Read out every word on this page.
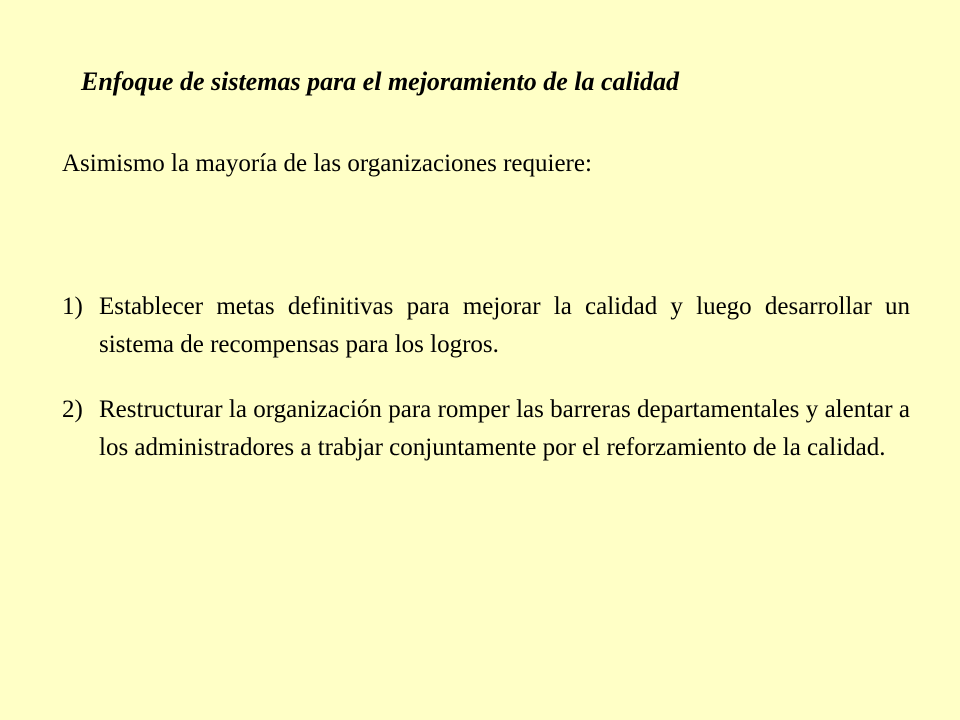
Enfoque de sistemas para el mejoramiento de la calidad

Asimismo la mayoría de las organizaciones requiere:

1) Establecer metas definitivas para mejorar la calidad y luego desarrollar un sistema de recompensas para los logros.
2) Restructurar la organización para romper las barreras departamentales y alentar a los administradores a trabjar conjuntamente por el reforzamiento de la calidad.
